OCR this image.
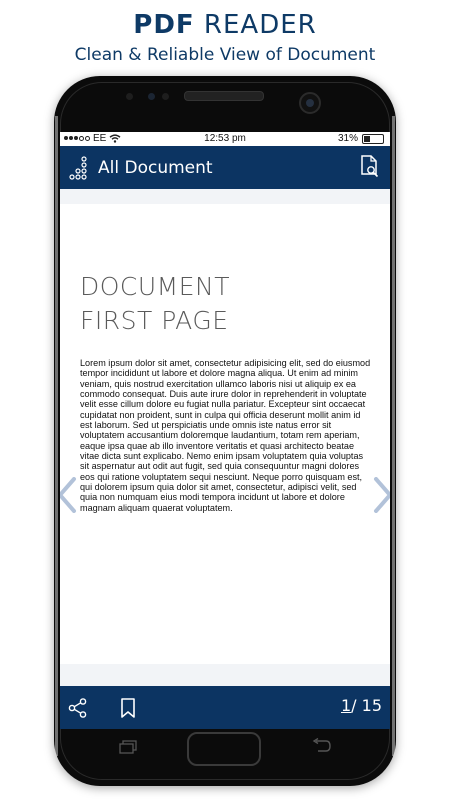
PDF READER
Clean & Reliable View of Document
EE	12:53 pm	31%
All Document
DOCUMENT
FIRST PAGE
Lorem ipsum dolor sit amet, consectetur adipisicing elit, sed do eiusmod tempor incididunt ut labore et dolore magna aliqua. Ut enim ad minim veniam, quis nostrud exercitation ullamco laboris nisi ut aliquip ex ea commodo consequat. Duis aute irure dolor in reprehenderit in voluptate velit esse cillum dolore eu fugiat nulla pariatur. Excepteur sint occaecat cupidatat non proident, sunt in culpa qui officia deserunt mollit anim id est laborum. Sed ut perspiciatis unde omnis iste natus error sit voluptatem accusantium doloremque laudantium, totam rem aperiam, eaque ipsa quae ab illo inventore veritatis et quasi architecto beatae vitae dicta sunt explicabo. Nemo enim ipsam voluptatem quia voluptas sit aspernatur aut odit aut fugit, sed quia consequuntur magni dolores eos qui ratione voluptatem sequi nesciunt. Neque porro quisquam est, qui dolorem ipsum quia dolor sit amet, consectetur, adipisci velit, sed quia non numquam eius modi tempora incidunt ut labore et dolore magnam aliquam quaerat voluptatem.
1/ 15
